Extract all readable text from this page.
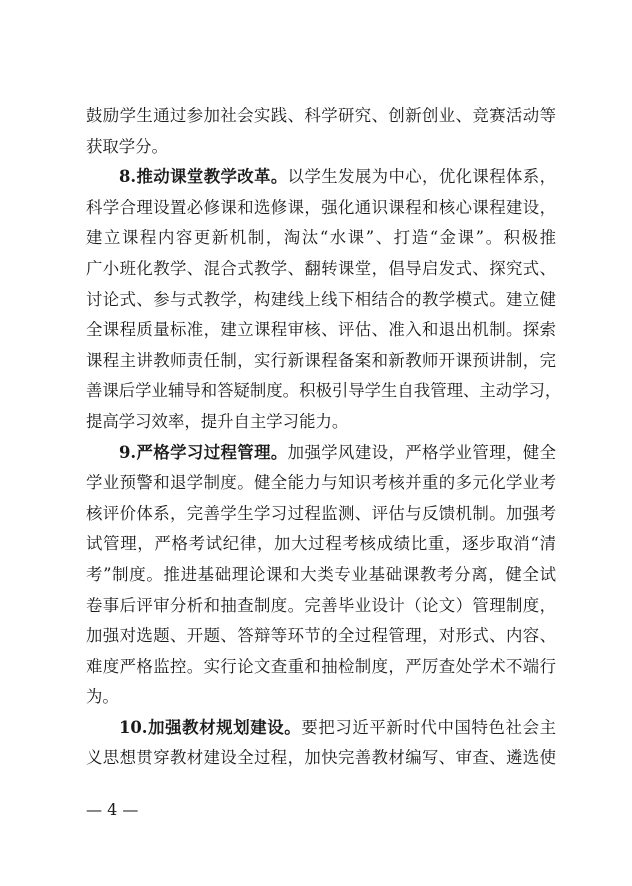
鼓励学生通过参加社会实践、科学研究、创新创业、竞赛活动等
获取学分。
8.推动课堂教学改革。以学生发展为中心，优化课程体系，
科学合理设置必修课和选修课，强化通识课程和核心课程建设，
建立课程内容更新机制，淘汰“水课”、打造“金课”。积极推
广小班化教学、混合式教学、翻转课堂，倡导启发式、探究式、
讨论式、参与式教学，构建线上线下相结合的教学模式。建立健
全课程质量标准，建立课程审核、评估、准入和退出机制。探索
课程主讲教师责任制，实行新课程备案和新教师开课预讲制，完
善课后学业辅导和答疑制度。积极引导学生自我管理、主动学习，
提高学习效率，提升自主学习能力。
9.严格学习过程管理。加强学风建设，严格学业管理，健全
学业预警和退学制度。健全能力与知识考核并重的多元化学业考
核评价体系，完善学生学习过程监测、评估与反馈机制。加强考
试管理，严格考试纪律，加大过程考核成绩比重，逐步取消“清
考”制度。推进基础理论课和大类专业基础课教考分离，健全试
卷事后评审分析和抽查制度。完善毕业设计（论文）管理制度，
加强对选题、开题、答辩等环节的全过程管理，对形式、内容、
难度严格监控。实行论文查重和抽检制度，严厉查处学术不端行
为。
10.加强教材规划建设。要把习近平新时代中国特色社会主
义思想贯穿教材建设全过程，加快完善教材编写、审查、遴选使
— 4 —
